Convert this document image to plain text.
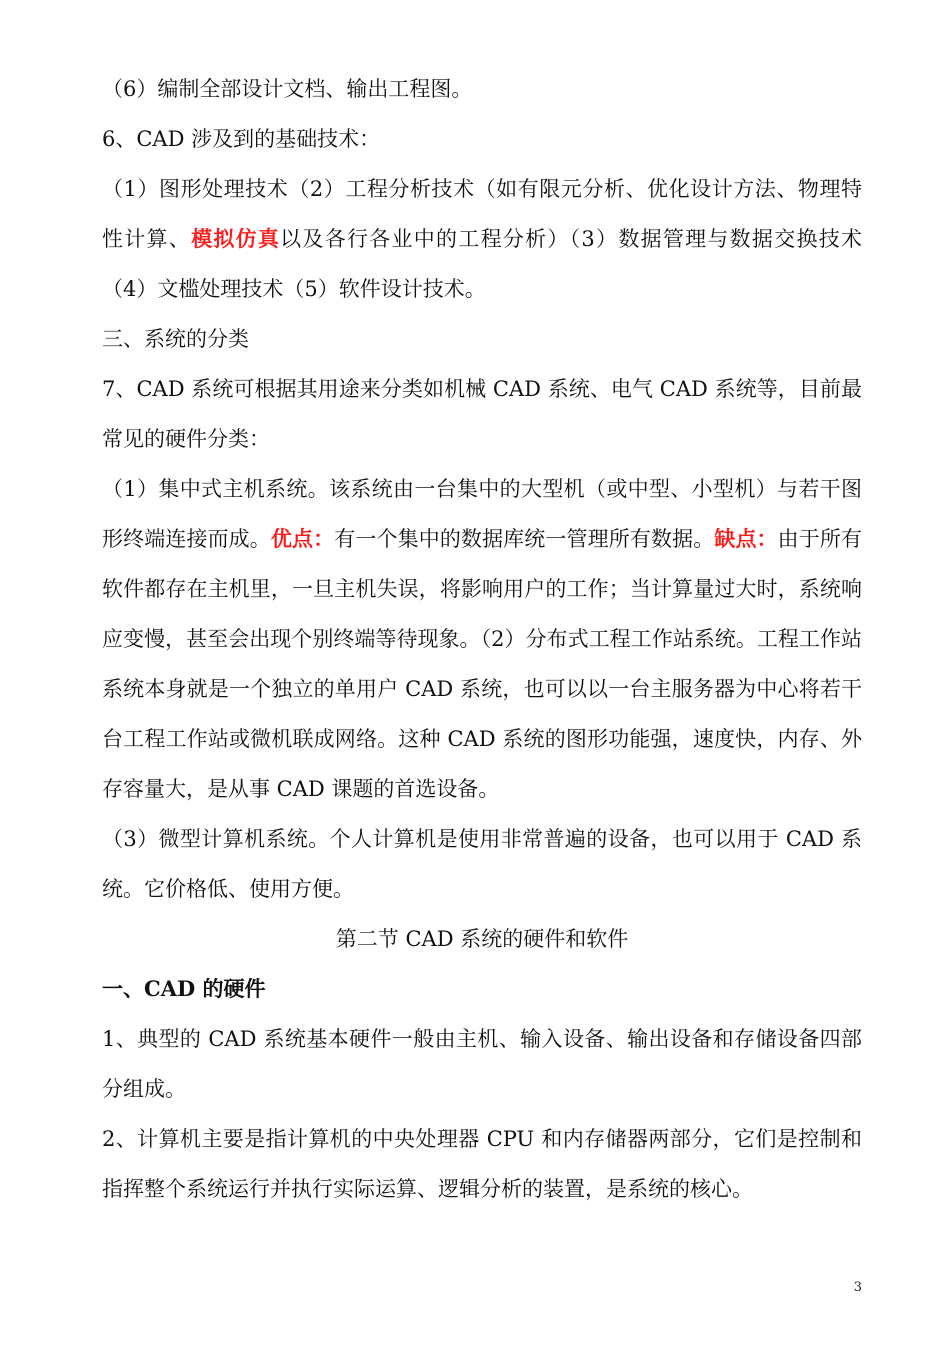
（6）编制全部设计文档、输出工程图。

6、CAD 涉及到的基础技术：

（1）图形处理技术（2）工程分析技术（如有限元分析、优化设计方法、物理特性计算、模拟仿真以及各行各业中的工程分析）（3）数据管理与数据交换技术（4）文槛处理技术（5）软件设计技术。

三、系统的分类

7、CAD 系统可根据其用途来分类如机械 CAD 系统、电气 CAD 系统等，目前最常见的硬件分类：

（1）集中式主机系统。该系统由一台集中的大型机（或中型、小型机）与若干图形终端连接而成。优点：有一个集中的数据库统一管理所有数据。缺点：由于所有软件都存在主机里，一旦主机失误，将影响用户的工作；当计算量过大时，系统响应变慢，甚至会出现个别终端等待现象。（2）分布式工程工作站系统。工程工作站系统本身就是一个独立的单用户 CAD 系统，也可以以一台主服务器为中心将若干台工程工作站或微机联成网络。这种 CAD 系统的图形功能强，速度快，内存、外存容量大，是从事 CAD 课题的首选设备。

（3）微型计算机系统。个人计算机是使用非常普遍的设备，也可以用于 CAD 系统。它价格低、使用方便。

第二节 CAD 系统的硬件和软件

一、CAD 的硬件

1、典型的 CAD 系统基本硬件一般由主机、输入设备、输出设备和存储设备四部分组成。

2、计算机主要是指计算机的中央处理器 CPU 和内存储器两部分，它们是控制和指挥整个系统运行并执行实际运算、逻辑分析的装置，是系统的核心。

3
